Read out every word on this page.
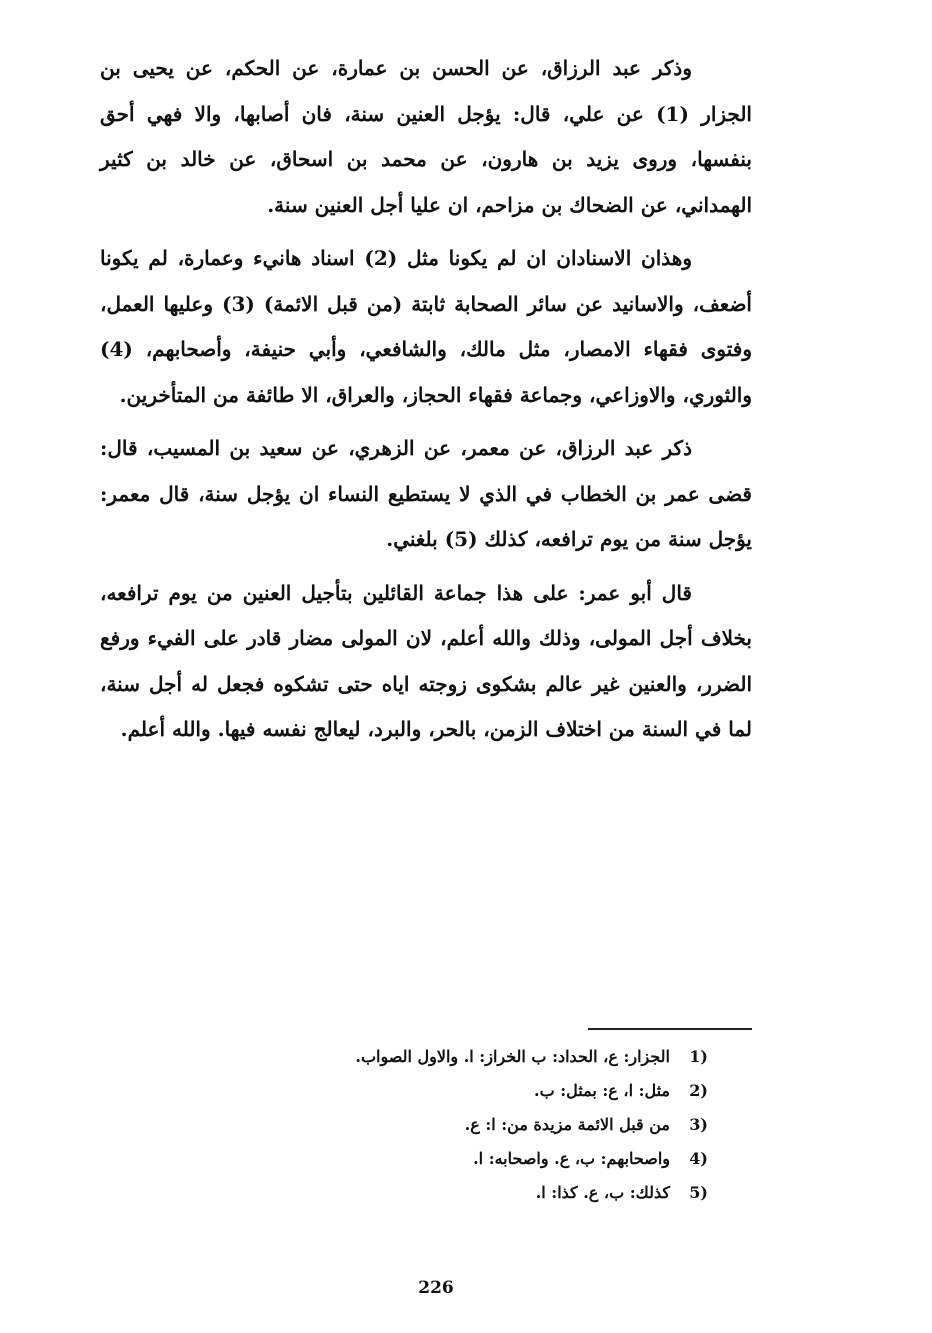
وذكر عبد الرزاق، عن الحسن بن عمارة، عن الحكم، عن يحيى بن الجزار (1) عن علي، قال: يؤجل العنين سنة، فان أصابها، والا فهي أحق بنفسها، وروى يزيد بن هارون، عن محمد بن اسحاق، عن خالد بن كثير الهمداني، عن الضحاك بن مزاحم، ان عليا أجل العنين سنة.

وهذان الاسنادان ان لم يكونا مثل (2) اسناد هانيء وعمارة، لم يكونا أضعف، والاسانيد عن سائر الصحابة ثابتة (من قبل الائمة) (3) وعليها العمل، وفتوى فقهاء الامصار، مثل مالك، والشافعي، وأبي حنيفة، وأصحابهم، (4) والثوري، والاوزاعي، وجماعة فقهاء الحجاز، والعراق، الا طائفة من المتأخرين.

ذكر عبد الرزاق، عن معمر، عن الزهري، عن سعيد بن المسيب، قال: قضى عمر بن الخطاب في الذي لا يستطيع النساء ان يؤجل سنة، قال معمر: يؤجل سنة من يوم ترافعه، كذلك (5) بلغني.

قال أبو عمر: على هذا جماعة القائلين بتأجيل العنين من يوم ترافعه، بخلاف أجل المولى، وذلك والله أعلم، لان المولى مضار قادر على الفيء ورفع الضرر، والعنين غير عالم بشكوى زوجته اياه حتى تشكوه فجعل له أجل سنة، لما في السنة من اختلاف الزمن، بالحر، والبرد، ليعالج نفسه فيها. والله أعلم.

1)
الجزار: ع، الحداد: ب الخراز: ا. والاول الصواب.
2)
مثل: ا، ع: بمثل: ب.
3)
من قبل الائمة مزيدة من: ا: ع.
4)
واصحابهم: ب، ع. واصحابه: ا.
5)
كذلك: ب، ع. كذا: ا.
226
